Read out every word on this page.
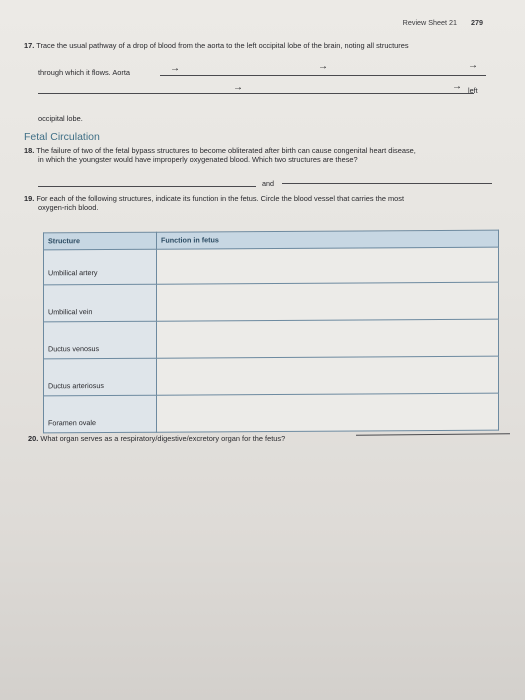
Review Sheet 21 279
17. Trace the usual pathway of a drop of blood from the aorta to the left occipital lobe of the brain, noting all structures
through which it flows. Aorta	→	→	→
→	→ left
occipital lobe.
Fetal Circulation
18. The failure of two of the fetal bypass structures to become obliterated after birth can cause congenital heart disease,
in which the youngster would have improperly oxygenated blood. Which two structures are these?
and
19. For each of the following structures, indicate its function in the fetus. Circle the blood vessel that carries the most
oxygen-rich blood.
Structure	Function in fetus
Umbilical artery	
Umbilical vein	
Ductus venosus	
Ductus arteriosus	
Foramen ovale	
20. What organ serves as a respiratory/digestive/excretory organ for the fetus?
